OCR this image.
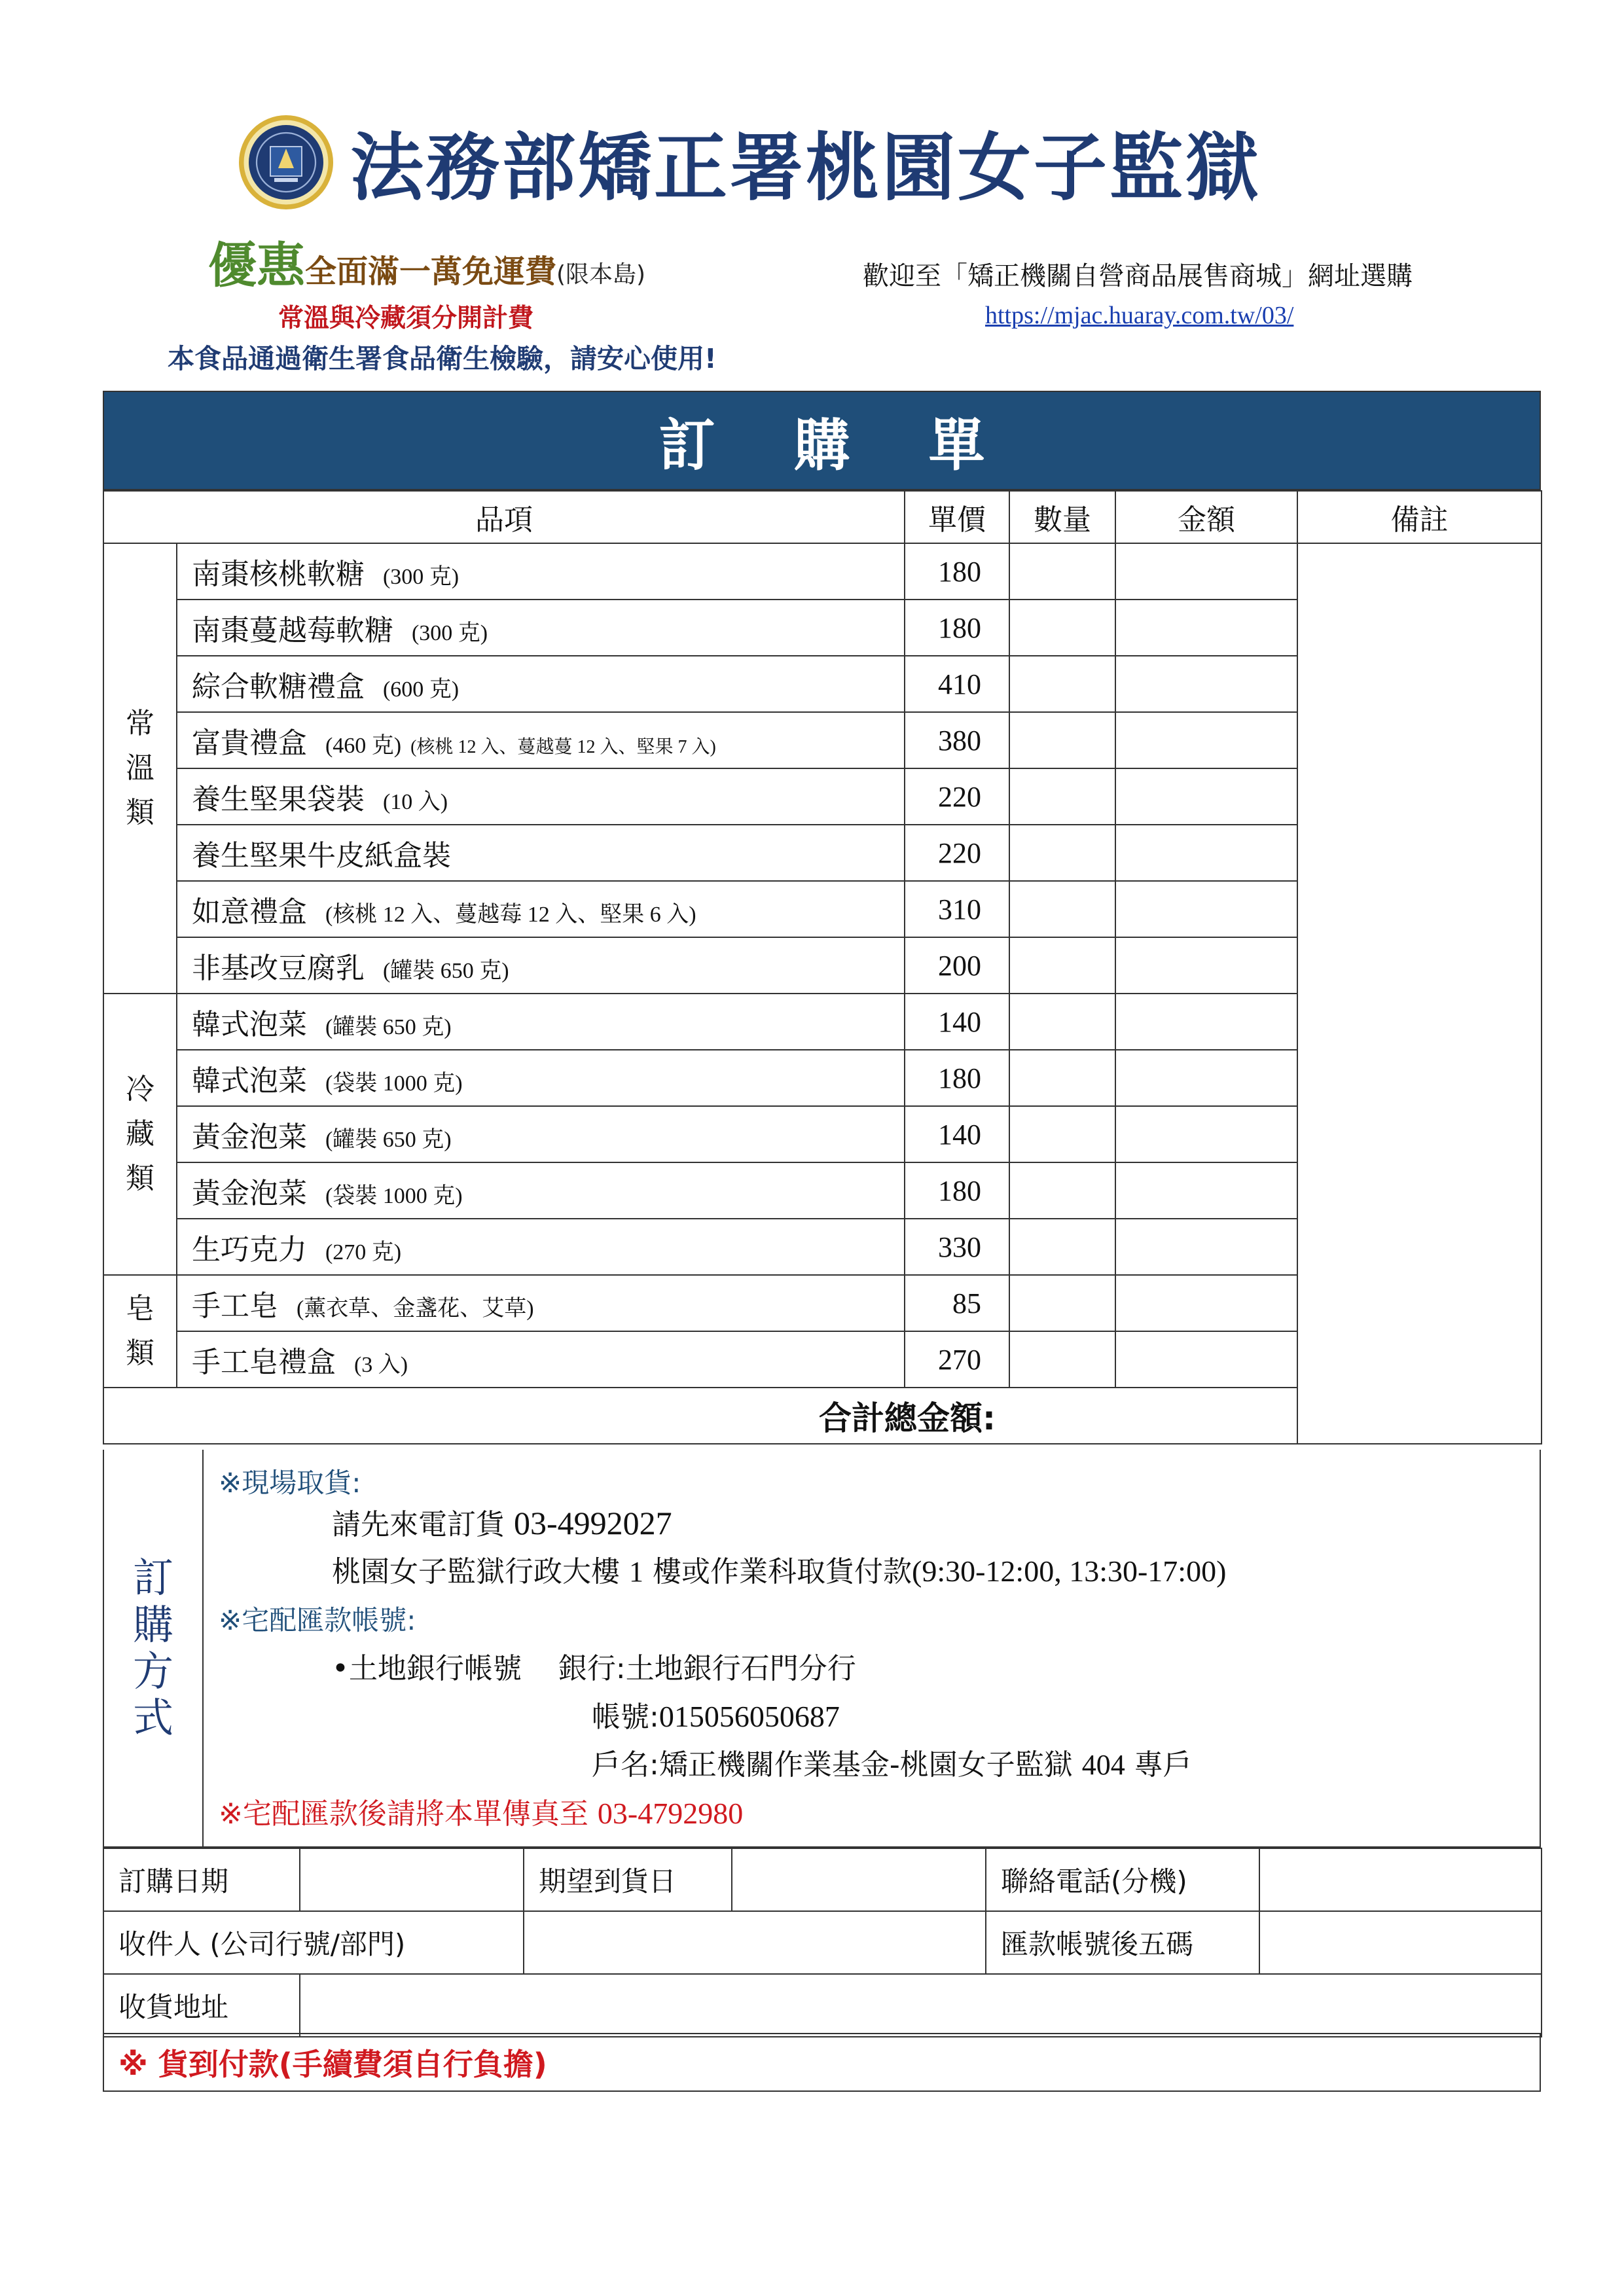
法務部矯正署桃園女子監獄
優惠全面滿一萬免運費(限本島)	歡迎至「矯正機關自營商品展售商城」網址選購
常溫與冷藏須分開計費	https://mjac.huaray.com.tw/03/
本食品通過衛生署食品衛生檢驗，請安心使用!
訂購單
品項		單價	數量	金額	備註
常溫類	南棗核桃軟糖 (300 克)	180			
	南棗蔓越莓軟糖 (300 克)	180			
	綜合軟糖禮盒 (600 克)	410			
	富貴禮盒 (460 克) (核桃 12 入、蔓越蔓 12 入、堅果 7 入)	380			
	養生堅果袋裝 (10 入)	220			
	養生堅果牛皮紙盒裝	220			
	如意禮盒 (核桃 12 入、蔓越莓 12 入、堅果 6 入)	310			
	非基改豆腐乳 (罐裝 650 克)	200			
冷藏類	韓式泡菜 (罐裝 650 克)	140			
	韓式泡菜 (袋裝 1000 克)	180			
	黃金泡菜 (罐裝 650 克)	140			
	黃金泡菜 (袋裝 1000 克)	180			
	生巧克力 (270 克)	330			
皂類	手工皂 (薰衣草、金盞花、艾草)	85			
	手工皂禮盒 (3 入)	270			
合計總金額:					
訂購方式
※現場取貨:
請先來電訂貨 03-4992027
桃園女子監獄行政大樓 1 樓或作業科取貨付款(9:30-12:00, 13:30-17:00)
※宅配匯款帳號:
•土地銀行帳號 銀行:土地銀行石門分行
帳號:015056050687
戶名:矯正機關作業基金-桃園女子監獄 404 專戶
※宅配匯款後請將本單傳真至 03-4792980
訂購日期		期望到貨日		聯絡電話(分機)	
收件人 (公司行號/部門)				匯款帳號後五碼	
收貨地址					
※ 貨到付款(手續費須自行負擔)
